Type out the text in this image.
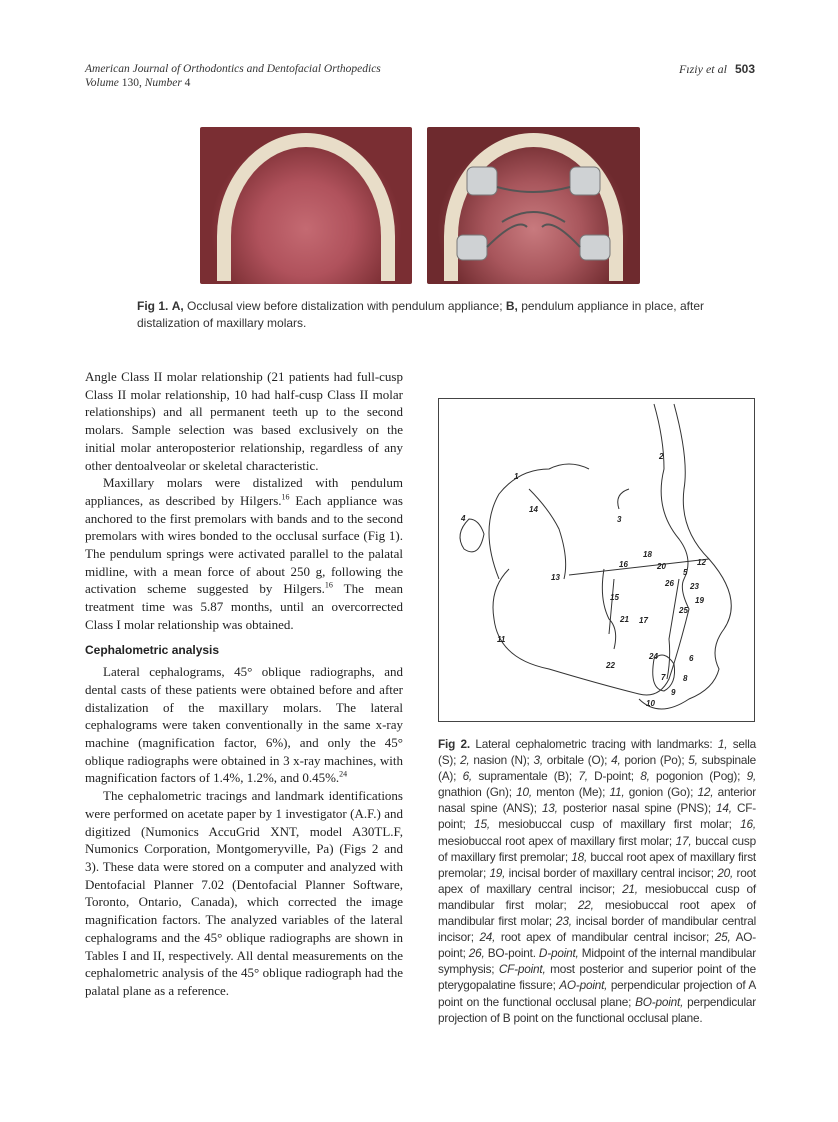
American Journal of Orthodontics and Dentofacial Orthopedics
Volume 130, Number 4
Fıziy et al 503
Fig 1. A, Occlusal view before distalization with pendulum appliance; B, pendulum appliance in place, after distalization of maxillary molars.

Angle Class II molar relationship (21 patients had full-cusp Class II molar relationship, 10 had half-cusp Class II molar relationships) and all permanent teeth up to the second molars. Sample selection was based exclusively on the initial molar anteroposterior relationship, regardless of any other dentoalveolar or skeletal characteristic.

Maxillary molars were distalized with pendulum appliances, as described by Hilgers.$^{16}$ Each appliance was anchored to the first premolars with bands and to the second premolars with wires bonded to the occlusal surface (Fig 1). The pendulum springs were activated parallel to the palatal midline, with a mean force of about 250 g, following the activation scheme suggested by Hilgers.$^{16}$ The mean treatment time was 5.87 months, until an overcorrected Class I molar relationship was obtained.

Cephalometric analysis

Lateral cephalograms, 45° oblique radiographs, and dental casts of these patients were obtained before and after distalization of the maxillary molars. The lateral cephalograms were taken conventionally in the same x-ray machine (magnification factor, 6%), and only the 45° oblique radiographs were obtained in 3 x-ray machines, with magnification factors of 1.4%, 1.2%, and 0.45%.$^{24}$

The cephalometric tracings and landmark identifications were performed on acetate paper by 1 investigator (A.F.) and digitized (Numonics AccuGrid XNT, model A30TL.F, Numonics Corporation, Montgomeryville, Pa) (Figs 2 and 3). These data were stored on a computer and analyzed with Dentofacial Planner 7.02 (Dentofacial Planner Software, Toronto, Ontario, Canada), which corrected the image magnification factors. The analyzed variables of the lateral cephalograms and the 45° oblique radiographs are shown in Tables I and II, respectively. All dental measurements on the cephalometric analysis of the 45° oblique radiograph had the palatal plane as a reference.

1
2
3
4
5
6
7 8
9
10
11
12
13
14
15
16
17
18
19
20
21
22
23
24
25
26
Fig 2. Lateral cephalometric tracing with landmarks: 1, sella (S); 2, nasion (N); 3, orbitale (O); 4, porion (Po); 5, subspinale (A); 6, supramentale (B); 7, D-point; 8, pogonion (Pog); 9, gnathion (Gn); 10, menton (Me); 11, gonion (Go); 12, anterior nasal spine (ANS); 13, posterior nasal spine (PNS); 14, CF-point; 15, mesiobuccal cusp of maxillary first molar; 16, mesiobuccal root apex of maxillary first molar; 17, buccal cusp of maxillary first premolar; 18, buccal root apex of maxillary first premolar; 19, incisal border of maxillary central incisor; 20, root apex of maxillary central incisor; 21, mesiobuccal cusp of mandibular first molar; 22, mesiobuccal root apex of mandibular first molar; 23, incisal border of mandibular central incisor; 24, root apex of mandibular central incisor; 25, AO-point; 26, BO-point. D-point, Midpoint of the internal mandibular symphysis; CF-point, most posterior and superior point of the pterygopalatine fissure; AO-point, perpendicular projection of A point on the functional occlusal plane; BO-point, perpendicular projection of B point on the functional occlusal plane.
